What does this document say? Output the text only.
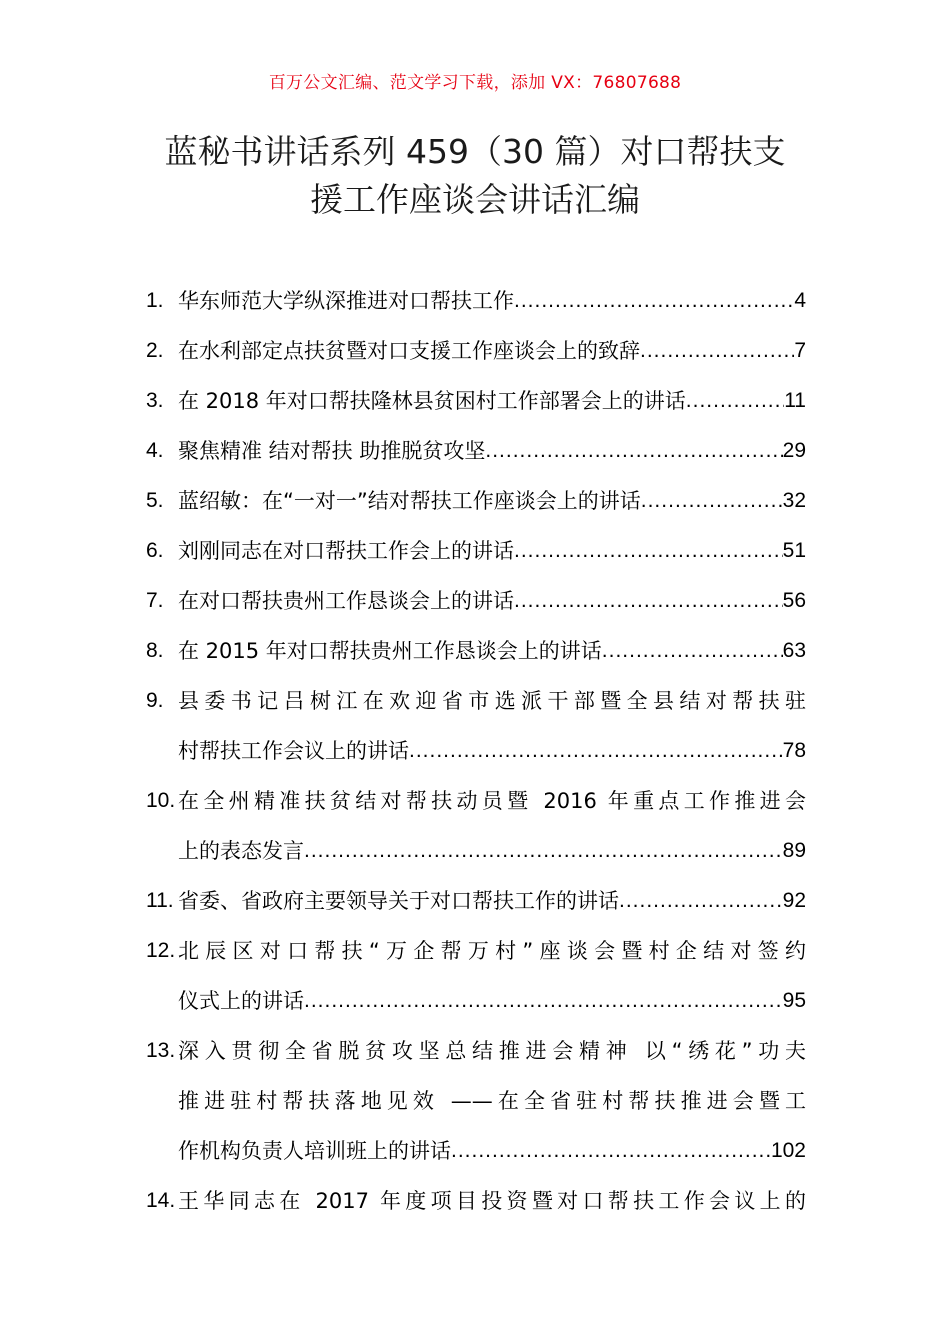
百万公文汇编、范文学习下载，添加 VX：76807688
蓝秘书讲话系列 459（30 篇）对口帮扶支
援工作座谈会讲话汇编
1. 华东师范大学纵深推进对口帮扶工作 .....	4
2. 在水利部定点扶贫暨对口支援工作座谈会上的致辞 .....	7
3. 在 2018 年对口帮扶隆林县贫困村工作部署会上的讲话 .....	11
4. 聚焦精准 结对帮扶 助推脱贫攻坚 .....	29
5. 蓝绍敏：在“一对一”结对帮扶工作座谈会上的讲话 .....	32
6. 刘刚同志在对口帮扶工作会上的讲话 .....	51
7. 在对口帮扶贵州工作恳谈会上的讲话 .....	56
8. 在 2015 年对口帮扶贵州工作恳谈会上的讲话 .....	63
9. 县委书记吕树江在欢迎省市选派干部暨全县结对帮扶驻
村帮扶工作会议上的讲话 .....	78
10. 在全州精准扶贫结对帮扶动员暨 2016 年重点工作推进会
上的表态发言 .....	89
11. 省委、省政府主要领导关于对口帮扶工作的讲话 .....	92
12. 北辰区对口帮扶“万企帮万村”座谈会暨村企结对签约
仪式上的讲话 .....	95
13. 深入贯彻全省脱贫攻坚总结推进会精神 以“绣花”功夫
推进驻村帮扶落地见效 ——在全省驻村帮扶推进会暨工
作机构负责人培训班上的讲话 .....	102
14. 王华同志在 2017 年度项目投资暨对口帮扶工作会议上的
